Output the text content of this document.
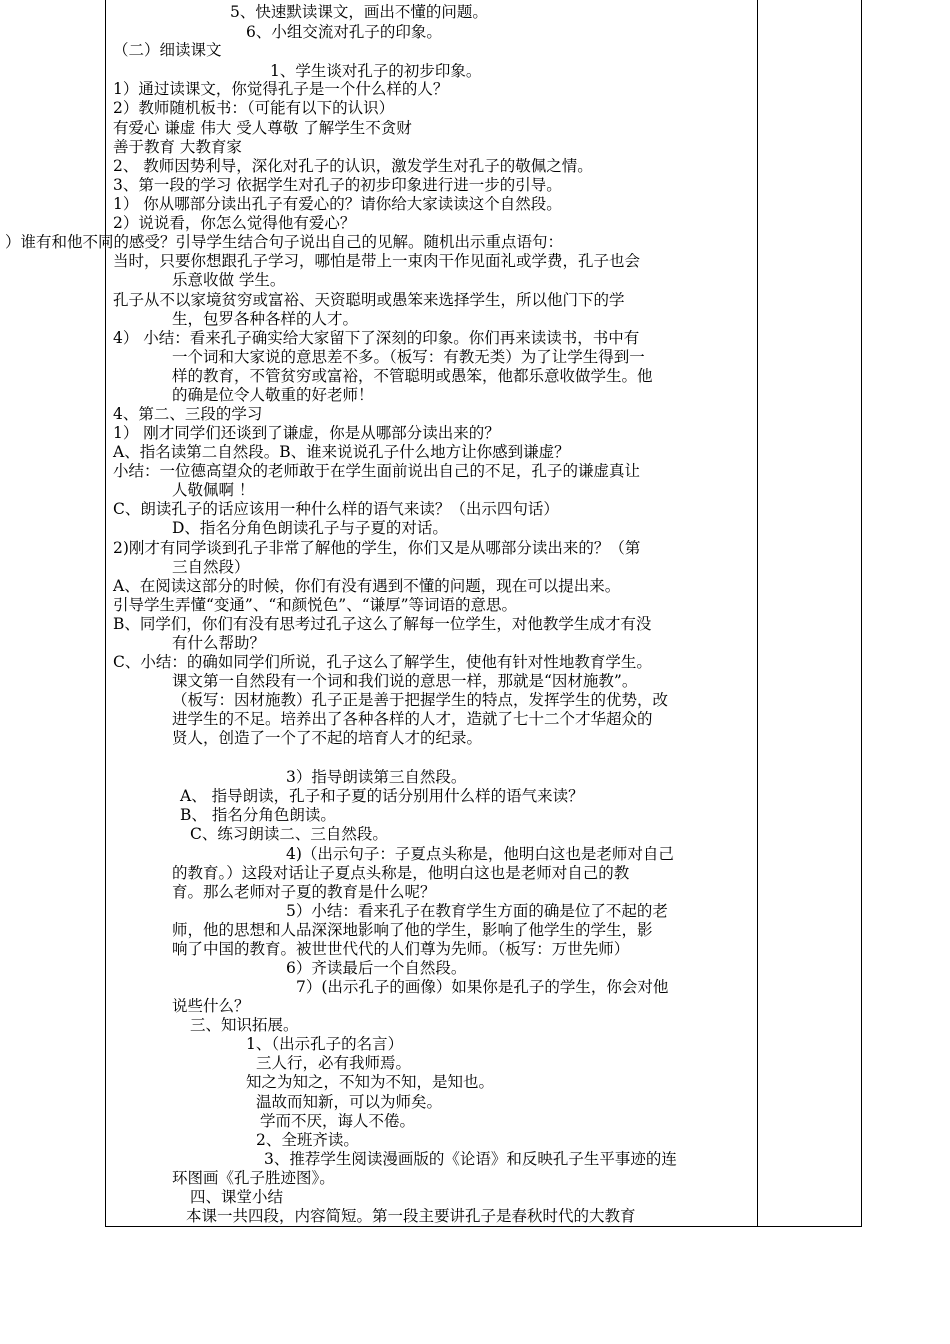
5、快速默读课文，画出不懂的问题。
6、小组交流对孔子的印象。
（二）细读课文
1、学生谈对孔子的初步印象。
1）通过读课文，你觉得孔子是一个什么样的人？
2）教师随机板书：（可能有以下的认识）
有爱心 谦虚 伟大 受人尊敬 了解学生不贪财
善于教育 大教育家
2、 教师因势利导，深化对孔子的认识，激发学生对孔子的敬佩之情。
3、第一段的学习 依据学生对孔子的初步印象进行进一步的引导。
1） 你从哪部分读出孔子有爱心的？请你给大家读读这个自然段。
2）说说看，你怎么觉得他有爱心？
）谁有和他不同的感受？引导学生结合句子说出自己的见解。随机出示重点语句：
当时，只要你想跟孔子学习，哪怕是带上一束肉干作见面礼或学费，孔子也会
乐意收做 学生。
孔子从不以家境贫穷或富裕、天资聪明或愚笨来选择学生，所以他门下的学
生，包罗各种各样的人才。
4） 小结：看来孔子确实给大家留下了深刻的印象。你们再来读读书，书中有
一个词和大家说的意思差不多。（板写：有教无类）为了让学生得到一
样的教育，不管贫穷或富裕，不管聪明或愚笨，他都乐意收做学生。他
的确是位令人敬重的好老师！
4、第二、三段的学习
1） 刚才同学们还谈到了谦虚，你是从哪部分读出来的？
A、指名读第二自然段。B、谁来说说孔子什么地方让你感到谦虚？
小结：一位德高望众的老师敢于在学生面前说出自己的不足，孔子的谦虚真让
人敬佩啊 ！
C、朗读孔子的话应该用一种什么样的语气来读？（出示四句话）
D、指名分角色朗读孔子与子夏的对话。
2)刚才有同学谈到孔子非常了解他的学生，你们又是从哪部分读出来的？（第
三自然段）
A、在阅读这部分的时候，你们有没有遇到不懂的问题，现在可以提出来。
引导学生弄懂“变通”、“和颜悦色”、“谦厚”等词语的意思。
B、同学们，你们有没有思考过孔子这么了解每一位学生，对他教学生成才有没
有什么帮助？
C、小结：的确如同学们所说，孔子这么了解学生，使他有针对性地教育学生。
课文第一自然段有一个词和我们说的意思一样，那就是“因材施教”。
（板写：因材施教）孔子正是善于把握学生的特点，发挥学生的优势，改
进学生的不足。培养出了各种各样的人才，造就了七十二个才华超众的
贤人，创造了一个了不起的培育人才的纪录。
3）指导朗读第三自然段。
A、 指导朗读，孔子和子夏的话分别用什么样的语气来读？
B、 指名分角色朗读。
C、练习朗读二、三自然段。
4)（出示句子：子夏点头称是，他明白这也是老师对自己
的教育。）这段对话让子夏点头称是，他明白这也是老师对自己的教
育。那么老师对子夏的教育是什么呢？
5）小结：看来孔子在教育学生方面的确是位了不起的老
师，他的思想和人品深深地影响了他的学生，影响了他学生的学生，影
响了中国的教育。被世世代代的人们尊为先师。（板写：万世先师）
6）齐读最后一个自然段。
7）(出示孔子的画像）如果你是孔子的学生，你会对他
说些什么？
三、知识拓展。
1、（出示孔子的名言）
三人行，必有我师焉。
知之为知之，不知为不知，是知也。
温故而知新，可以为师矣。
学而不厌，诲人不倦。
2、全班齐读。
3、推荐学生阅读漫画版的《论语》和反映孔子生平事迹的连
环图画《孔子胜迹图》。
四、课堂小结
本课一共四段，内容简短。第一段主要讲孔子是春秋时代的大教育
